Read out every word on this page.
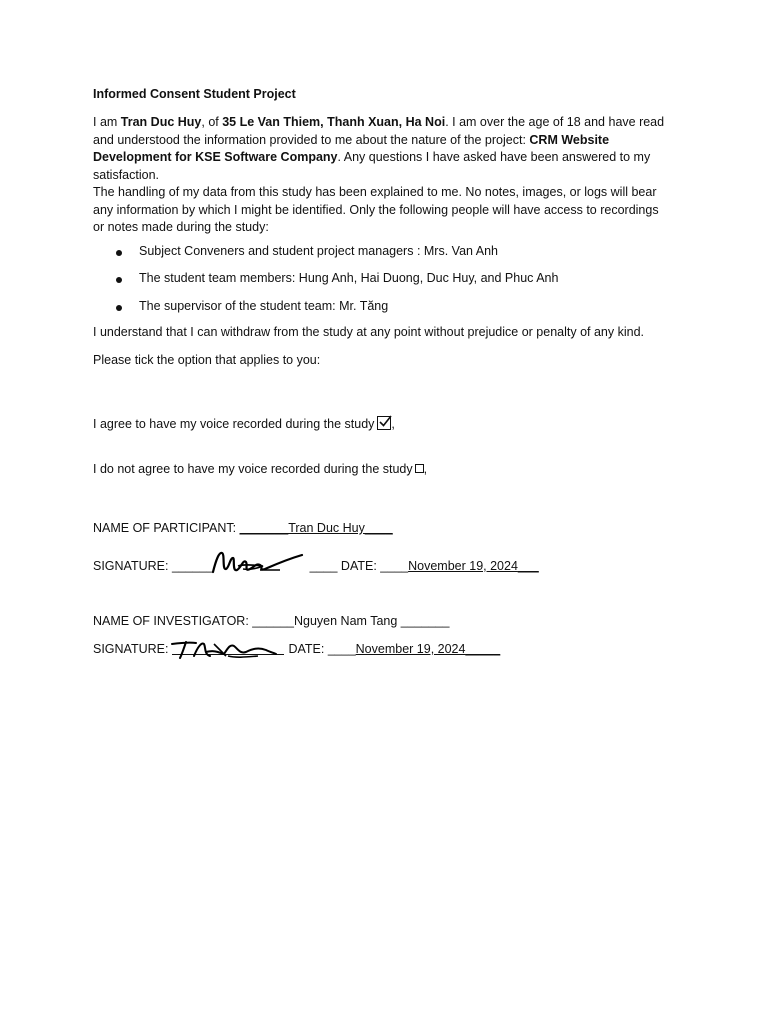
Informed Consent Student Project

I am Tran Duc Huy, of 35 Le Van Thiem, Thanh Xuan, Ha Noi. I am over the age of 18 and have read and understood the information provided to me about the nature of the project: CRM Website Development for KSE Software Company. Any questions I have asked have been answered to my satisfaction.

The handling of my data from this study has been explained to me. No notes, images, or logs will bear any information by which I might be identified. Only the following people will have access to recordings or notes made during the study:

Subject Conveners and student project managers : Mrs. Van Anh
The student team members: Hung Anh, Hai Duong, Duc Huy, and Phuc Anh
The supervisor of the student team: Mr. Tăng

I understand that I can withdraw from the study at any point without prejudice or penalty of any kind.

Please tick the option that applies to you:

I agree to have my voice recorded during the study ,
I do not agree to have my voice recorded during the study ,
NAME OF PARTICIPANT: _______Tran Duc Huy____
SIGNATURE: ______	____ DATE: ____November 19, 2024___
NAME OF INVESTIGATOR: ______Nguyen Nam Tang _______
SIGNATURE:	DATE: ____November 19, 2024_____
